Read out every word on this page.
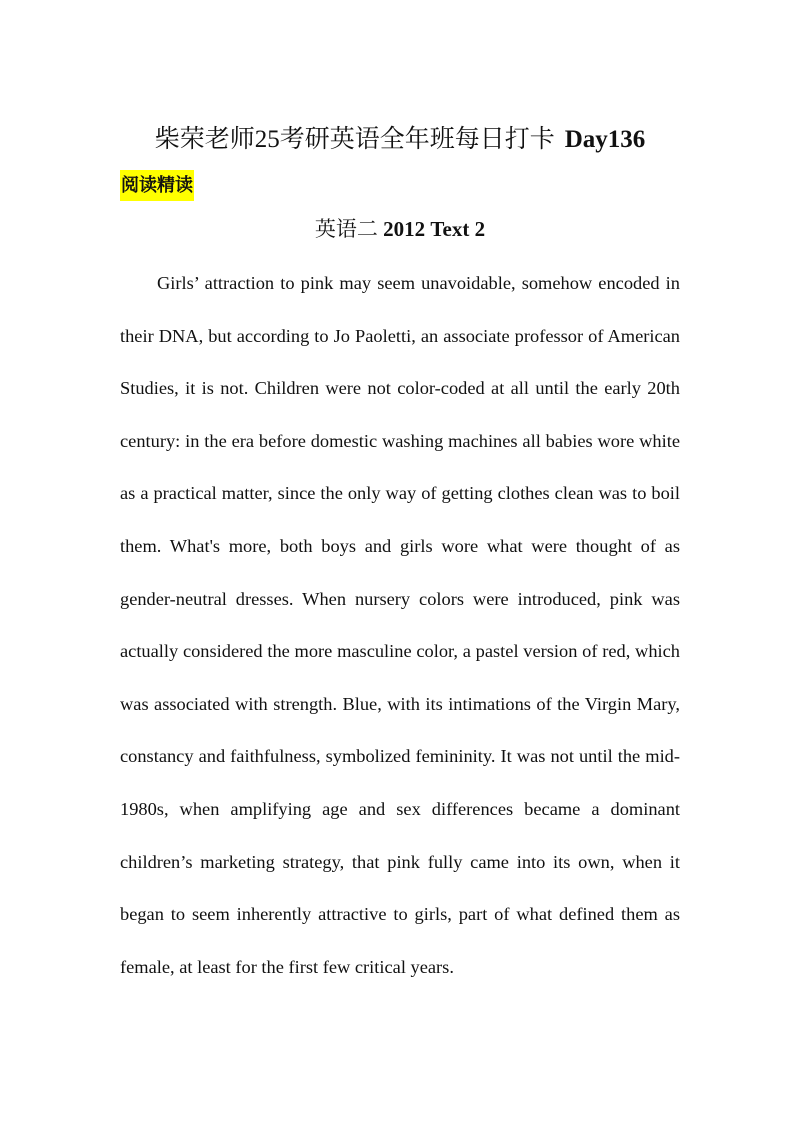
柴荣老师25考研英语全年班每日打卡 Day136
阅读精读
英语二 2012 Text 2

Girls’ attraction to pink may seem unavoidable, somehow encoded in their DNA, but according to Jo Paoletti, an associate professor of American Studies, it is not. Children were not color-coded at all until the early 20th century: in the era before domestic washing machines all babies wore white as a practical matter, since the only way of getting clothes clean was to boil them. What's more, both boys and girls wore what were thought of as gender-neutral dresses. When nursery colors were introduced, pink was actually considered the more masculine color, a pastel version of red, which was associated with strength. Blue, with its intimations of the Virgin Mary, constancy and faithfulness, symbolized femininity. It was not until the mid-1980s, when amplifying age and sex differences became a dominant children’s marketing strategy, that pink fully came into its own, when it began to seem inherently attractive to girls, part of what defined them as female, at least for the first few critical years.
